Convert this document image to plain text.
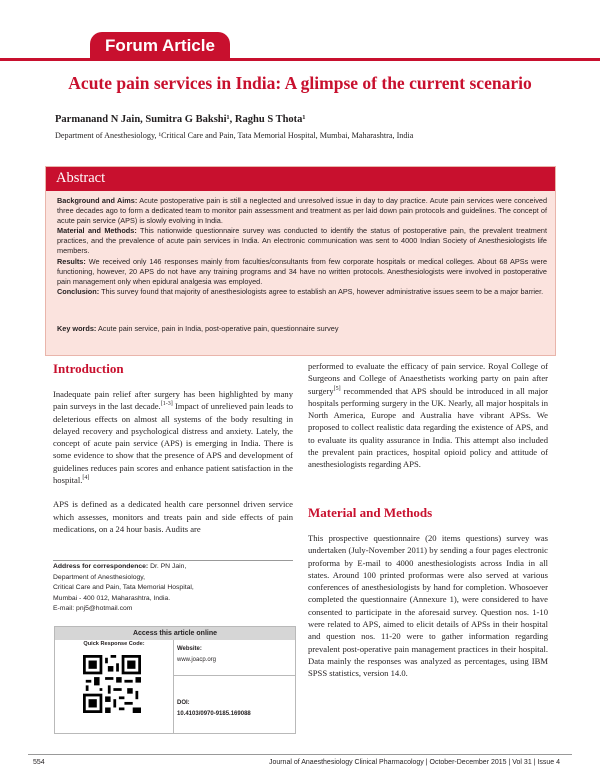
Forum Article
Acute pain services in India: A glimpse of the current scenario
Parmanand N Jain, Sumitra G Bakshi¹, Raghu S Thota¹
Department of Anesthesiology, ¹Critical Care and Pain, Tata Memorial Hospital, Mumbai, Maharashtra, India
Abstract

Background and Aims: Acute postoperative pain is still a neglected and unresolved issue in day to day practice. Acute pain services were conceived three decades ago to form a dedicated team to monitor pain assessment and treatment as per laid down pain protocols and guidelines. The concept of acute pain service (APS) is slowly evolving in India.

Material and Methods: This nationwide questionnaire survey was conducted to identify the status of postoperative pain, the prevalent treatment practices, and the prevalence of acute pain services in India. An electronic communication was sent to 4000 Indian Society of Anesthesiologists life members.

Results: We received only 146 responses mainly from faculties/consultants from few corporate hospitals or medical colleges. About 68 APSs were functioning, however, 20 APS do not have any training programs and 34 have no written protocols. Anesthesiologists were involved in postoperative pain management only when epidural analgesia was employed.

Conclusion: This survey found that majority of anesthesiologists agree to establish an APS, however administrative issues seem to be a major barrier.

Key words: Acute pain service, pain in India, post-operative pain, questionnaire survey
Introduction

Inadequate pain relief after surgery has been highlighted by many pain surveys in the last decade.[1-3] Impact of unrelieved pain leads to deleterious effects on almost all systems of the body resulting in delayed recovery and psychological distress and anxiety. Lately, the concept of acute pain service (APS) is emerging in India. There is some evidence to show that the presence of APS and development of guidelines reduces pain scores and enhance patient satisfaction in the hospital.[4]

APS is defined as a dedicated health care personnel driven service which assesses, monitors and treats pain and side effects of pain medications, on a 24 hour basis. Audits are

performed to evaluate the efficacy of pain service. Royal College of Surgeons and College of Anaesthetists working party on pain after surgery[5] recommended that APS should be introduced in all major hospitals performing surgery in the UK. Nearly, all major hospitals in North America, Europe and Australia have vibrant APSs. We proposed to collect realistic data regarding the existence of APS, and to evaluate its quality assurance in India. This attempt also included the prevalent pain practices, hospital opioid policy and attitude of anesthesiologists regarding APS.

Material and Methods

This prospective questionnaire (20 items questions) survey was undertaken (July-November 2011) by sending a four pages electronic proforma by E-mail to 4000 anesthesiologists across India in all states. Around 100 printed proformas were also served at various conferences of anesthesiologists by hand for completion. Whosoever completed the questionnaire (Annexure 1), were considered to have consented to participate in the aforesaid survey. Question nos. 1-10 were related to APS, aimed to elicit details of APSs in their hospital and question nos. 11-20 were to gather information regarding prevalent post-operative pain management practices in their hospital. Data mainly the responses was analyzed as percentages, using IBM SPSS statistics, version 14.0.

Address for correspondence: Dr. PN Jain,
Department of Anesthesiology,
Critical Care and Pain, Tata Memorial Hospital,
Mumbai - 400 012, Maharashtra, India.
E-mail: pnj5@hotmail.com
Access this article online
Quick Response Code:
Website:
www.joacp.org
DOI:
10.4103/0970-9185.169088
554	Journal of Anaesthesiology Clinical Pharmacology | October-December 2015 | Vol 31 | Issue 4
